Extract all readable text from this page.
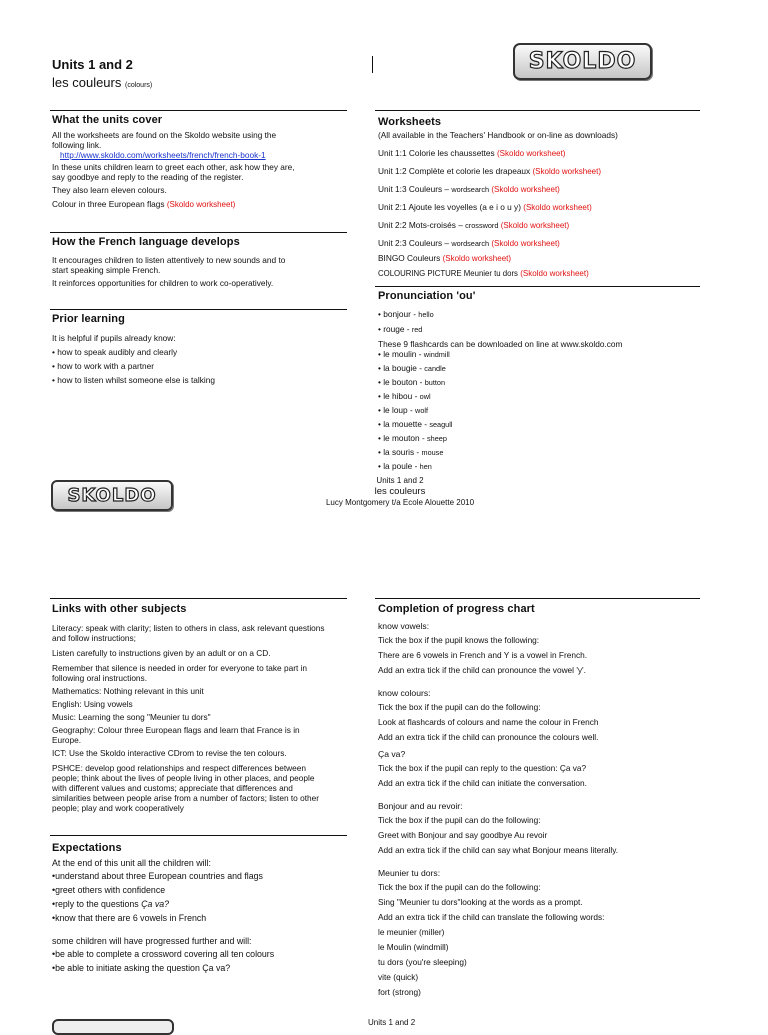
Units 1 and 2
les couleurs (colours)
SKOLDO
What the units cover
All the worksheets are found on the Skoldo website using the
following link.
http://www.skoldo.com/worksheets/french/french-book-1
In these units children learn to greet each other, ask how they are,
say goodbye and reply to the reading of the register.
They also learn eleven colours.
Colour in three European flags (Skoldo worksheet)
How the French language develops
It encourages children to listen attentively to new sounds and to
start speaking simple French.
It reinforces opportunities for children to work co-operatively.
Prior learning
It is helpful if pupils already know:
• how to speak audibly and clearly
• how to work with a partner
• how to listen whilst someone else is talking
Worksheets
(All available in the Teachers' Handbook or on-line as downloads)
Unit 1:1 Colorie les chaussettes (Skoldo worksheet)
Unit 1:2 Complète et colorie les drapeaux (Skoldo worksheet)
Unit 1:3 Couleurs – wordsearch (Skoldo worksheet)
Unit 2:1 Ajoute les voyelles (a e i o u y) (Skoldo worksheet)
Unit 2:2 Mots-croisés – crossword (Skoldo worksheet)
Unit 2:3 Couleurs – wordsearch (Skoldo worksheet)
BINGO Couleurs (Skoldo worksheet)
COLOURING PICTURE Meunier tu dors (Skoldo worksheet)
Pronunciation 'ou'
• bonjour - hello
• rouge - red
These 9 flashcards can be downloaded on line at www.skoldo.com
• le moulin - windmill
• la bougie - candle
• le bouton - button
• le hibou - owl
• le loup - wolf
• la mouette - seagull
• le mouton - sheep
• la souris - mouse
• la poule - hen
SKOLDO
Units 1 and 2
les couleurs
Lucy Montgomery t/a Ecole Alouette 2010
Links with other subjects
Literacy: speak with clarity; listen to others in class, ask relevant questions
and follow instructions;
Listen carefully to instructions given by an adult or on a CD.
Remember that silence is needed in order for everyone to take part in
following oral instructions.
Mathematics: Nothing relevant in this unit
English: Using vowels
Music: Learning the song "Meunier tu dors"
Geography: Colour three European flags and learn that France is in
Europe.
ICT: Use the Skoldo interactive CDrom to revise the ten colours.
PSHCE: develop good relationships and respect differences between
people; think about the lives of people living in other places, and people
with different values and customs; appreciate that differences and
similarities between people arise from a number of factors; listen to other
people; play and work cooperatively
Expectations
At the end of this unit all the children will:
•understand about three European countries and flags
•greet others with confidence
•reply to the questions Ça va?
•know that there are 6 vowels in French
some children will have progressed further and will:
•be able to complete a crossword covering all ten colours
•be able to initiate asking the question Ça va?
Completion of progress chart
know vowels:
Tick the box if the pupil knows the following:
There are 6 vowels in French and Y is a vowel in French.
Add an extra tick if the child can pronounce the vowel 'y'.
know colours:
Tick the box if the pupil can do the following:
Look at flashcards of colours and name the colour in French
Add an extra tick if the child can pronounce the colours well.
Ça va?
Tick the box if the pupil can reply to the question: Ça va?
Add an extra tick if the child can initiate the conversation.
Bonjour and au revoir:
Tick the box if the pupil can do the following:
Greet with Bonjour and say goodbye Au revoir
Add an extra tick if the child can say what Bonjour means literally.
Meunier tu dors:
Tick the box if the pupil can do the following:
Sing "Meunier tu dors"looking at the words as a prompt.
Add an extra tick if the child can translate the following words:
le meunier (miller)
le Moulin (windmill)
tu dors (you're sleeping)
vite (quick)
fort (strong)
Units 1 and 2
